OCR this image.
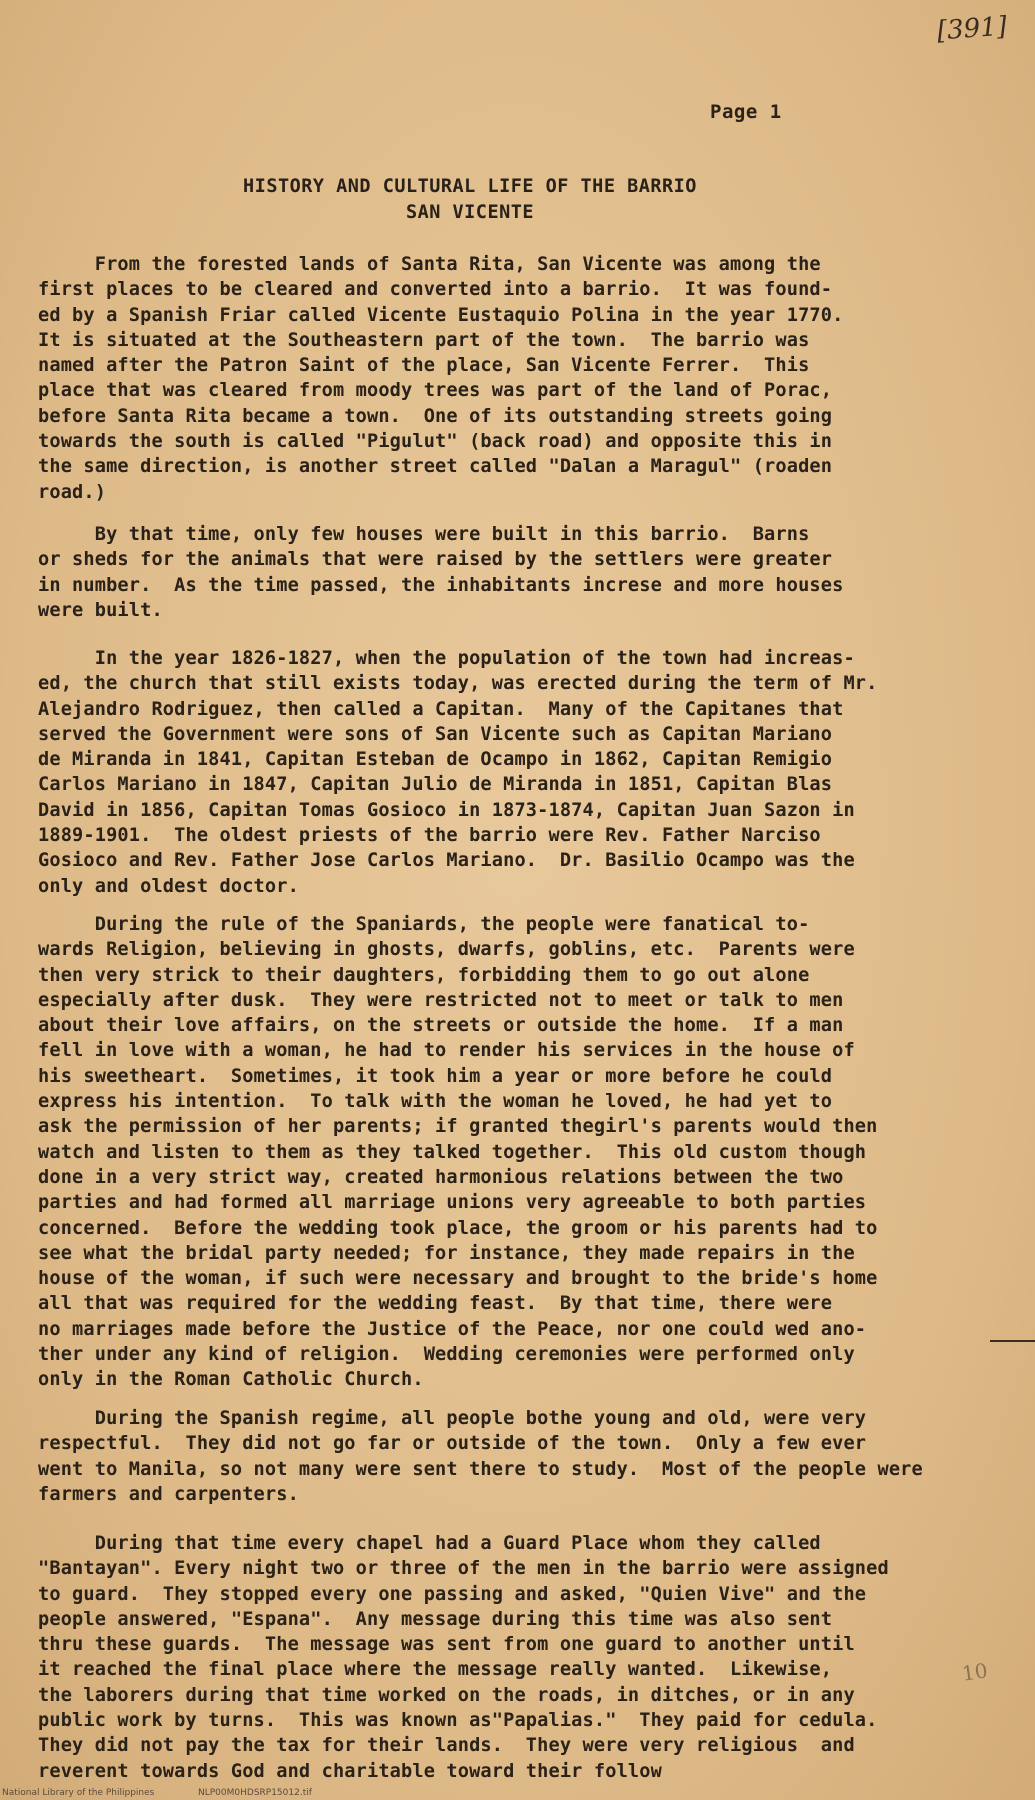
[391]
Page 1
HISTORY AND CULTURAL LIFE OF THE BARRIO
SAN VICENTE
From the forested lands of Santa Rita, San Vicente was among the
first places to be cleared and converted into a barrio.  It was found-
ed by a Spanish Friar called Vicente Eustaquio Polina in the year 1770.
It is situated at the Southeastern part of the town.  The barrio was
named after the Patron Saint of the place, San Vicente Ferrer.  This
place that was cleared from moody trees was part of the land of Porac,
before Santa Rita became a town.  One of its outstanding streets going
towards the south is called "Pigulut" (back road) and opposite this in
the same direction, is another street called "Dalan a Maragul" (roaden
road.)
By that time, only few houses were built in this barrio.  Barns
or sheds for the animals that were raised by the settlers were greater
in number.  As the time passed, the inhabitants increse and more houses
were built.
In the year 1826-1827, when the population of the town had increas-
ed, the church that still exists today, was erected during the term of Mr.
Alejandro Rodriguez, then called a Capitan.  Many of the Capitanes that
served the Government were sons of San Vicente such as Capitan Mariano
de Miranda in 1841, Capitan Esteban de Ocampo in 1862, Capitan Remigio
Carlos Mariano in 1847, Capitan Julio de Miranda in 1851, Capitan Blas
David in 1856, Capitan Tomas Gosioco in 1873-1874, Capitan Juan Sazon in
1889-1901.  The oldest priests of the barrio were Rev. Father Narciso
Gosioco and Rev. Father Jose Carlos Mariano.  Dr. Basilio Ocampo was the
only and oldest doctor.
During the rule of the Spaniards, the people were fanatical to-
wards Religion, believing in ghosts, dwarfs, goblins, etc.  Parents were
then very strick to their daughters, forbidding them to go out alone
especially after dusk.  They were restricted not to meet or talk to men
about their love affairs, on the streets or outside the home.  If a man
fell in love with a woman, he had to render his services in the house of
his sweetheart.  Sometimes, it took him a year or more before he could
express his intention.  To talk with the woman he loved, he had yet to
ask the permission of her parents; if granted thegirl's parents would then
watch and listen to them as they talked together.  This old custom though
done in a very strict way, created harmonious relations between the two
parties and had formed all marriage unions very agreeable to both parties
concerned.  Before the wedding took place, the groom or his parents had to
see what the bridal party needed; for instance, they made repairs in the
house of the woman, if such were necessary and brought to the bride's home
all that was required for the wedding feast.  By that time, there were
no marriages made before the Justice of the Peace, nor one could wed ano-
ther under any kind of religion.  Wedding ceremonies were performed only
only in the Roman Catholic Church.
During the Spanish regime, all people bothe young and old, were very
respectful.  They did not go far or outside of the town.  Only a few ever
went to Manila, so not many were sent there to study.  Most of the people were
farmers and carpenters.
During that time every chapel had a Guard Place whom they called
"Bantayan". Every night two or three of the men in the barrio were assigned
to guard.  They stopped every one passing and asked, "Quien Vive" and the
people answered, "Espana".  Any message during this time was also sent
thru these guards.  The message was sent from one guard to another until
it reached the final place where the message really wanted.  Likewise,
the laborers during that time worked on the roads, in ditches, or in any
public work by turns.  This was known as"Papalias."  They paid for cedula.
They did not pay the tax for their lands.  They were very religious  and
reverent towards God and charitable toward their follow
10
National Library of the Philippines	NLP00M0HDSRP15012.tif
